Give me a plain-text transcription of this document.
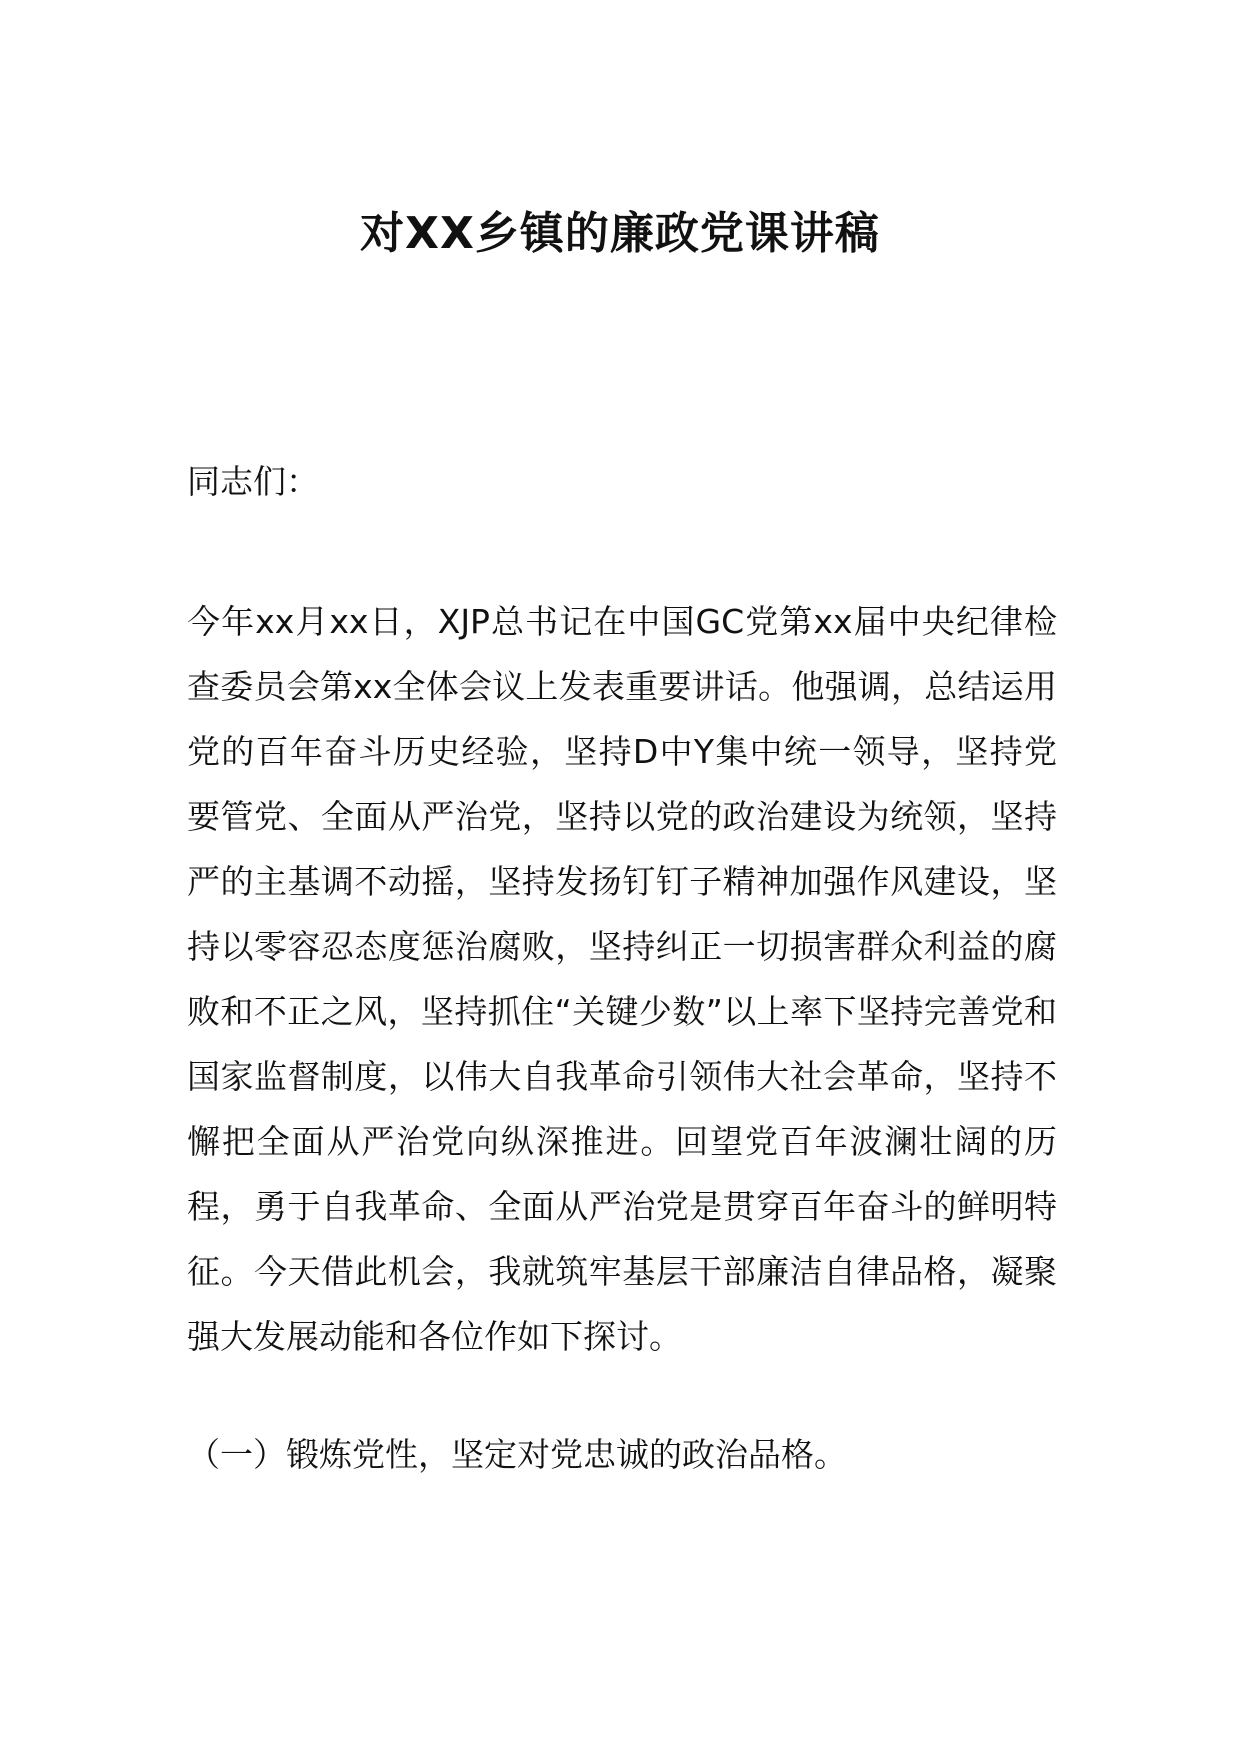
对XX乡镇的廉政党课讲稿

同志们：

今年xx月xx日，XJP总书记在中国GC党第xx届中央纪律检查委员会第xx全体会议上发表重要讲话。他强调，总结运用党的百年奋斗历史经验，坚持D中Y集中统一领导，坚持党要管党、全面从严治党，坚持以党的政治建设为统领，坚持严的主基调不动摇，坚持发扬钉钉子精神加强作风建设，坚持以零容忍态度惩治腐败，坚持纠正一切损害群众利益的腐败和不正之风，坚持抓住“关键少数”以上率下坚持完善党和国家监督制度，以伟大自我革命引领伟大社会革命，坚持不懈把全面从严治党向纵深推进。回望党百年波澜壮阔的历程，勇于自我革命、全面从严治党是贯穿百年奋斗的鲜明特征。今天借此机会，我就筑牢基层干部廉洁自律品格，凝聚强大发展动能和各位作如下探讨。

（一）锻炼党性，坚定对党忠诚的政治品格。
